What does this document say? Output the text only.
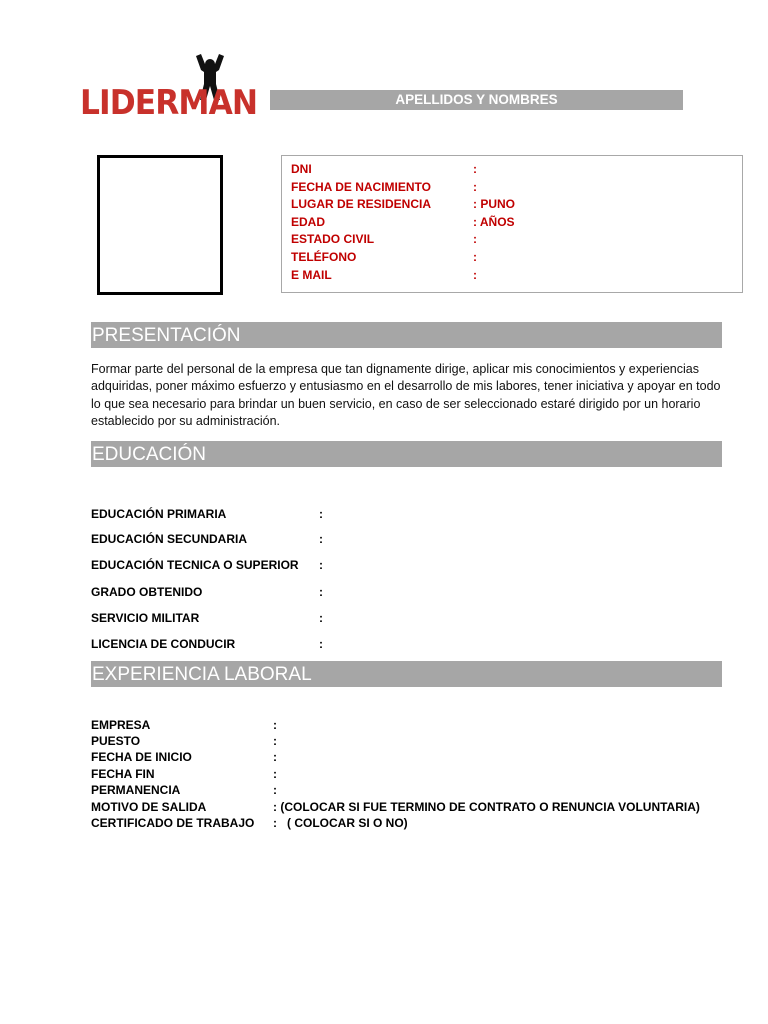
LIDERMAN	APELLIDOS Y NOMBRES
DNI	:
FECHA DE NACIMIENTO	:
LUGAR DE RESIDENCIA	: PUNO
EDAD	: AÑOS
ESTADO CIVIL	:
TELÉFONO	:
E MAIL	:
PRESENTACIÓN
Formar parte del personal de la empresa que tan dignamente dirige, aplicar mis conocimientos y experiencias adquiridas, poner máximo esfuerzo y entusiasmo en el desarrollo de mis labores, tener iniciativa y apoyar en todo lo que sea necesario para brindar un buen servicio, en caso de ser seleccionado estaré dirigido por un horario establecido por su administración.
EDUCACIÓN
EDUCACIÓN PRIMARIA	:
EDUCACIÓN SECUNDARIA	:
EDUCACIÓN TECNICA O SUPERIOR :
GRADO OBTENIDO	:
SERVICIO MILITAR	:
LICENCIA DE CONDUCIR	:
EXPERIENCIA LABORAL
EMPRESA	:
PUESTO	:
FECHA DE INICIO	:
FECHA FIN	:
PERMANENCIA	:
MOTIVO DE SALIDA	: (COLOCAR SI FUE TERMINO DE CONTRATO O RENUNCIA VOLUNTARIA)
CERTIFICADO DE TRABAJO :   ( COLOCAR SI O NO)
